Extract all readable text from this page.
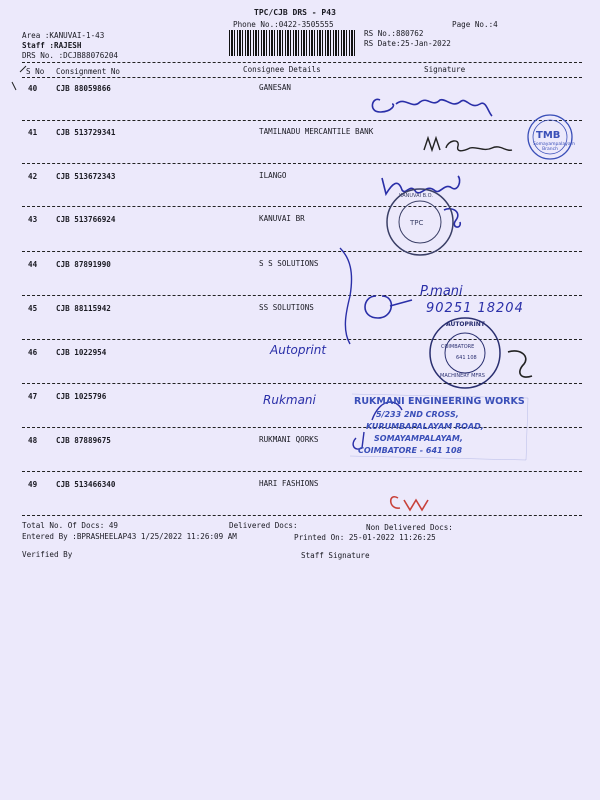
TPC/CJB DRS - P43
Phone No.:0422-3505555	Page No.:4
Area :KANUVAI-1-43
Staff :RAJESH
DRS No. :DCJB88076204
RS No.:880762
RS Date:25-Jan-2022
S No Consignment No	Consignee Details	Signature
40 CJB 88059866	GANESAN
41 CJB 513729341	TAMILNADU MERCANTILE BANK
42 CJB 513672343	ILANGO
43 CJB 513766924	KANUVAI BR
44 CJB 87891990	S S SOLUTIONS
45 CJB 88115942	SS SOLUTIONS
46 CJB 1022954
47 CJB 1025796
48 CJB 87889675	RUKMANI QORKS
49 CJB 513466340	HARI FASHIONS
Total No. Of Docs: 49	Delivered Docs:	Non Delivered Docs:
Entered By :BPRASHEELAP43 1/25/2022 11:26:09 AM	Printed On: 25-01-2022 11:26:25
Verified By	Staff Signature
TMB
Somayampalayam Branch
KANUVAI B.O.
TPC
P.mani
90251 18204
AUTOPRINT
COIMBATORE
MACHINERY MFRS
641 108
Autoprint
Rukmani	RUKMANI ENGINEERING WORKS
5/233 2ND CROSS,
KURUMBAPALAYAM ROAD,
SOMAYAMPALAYAM,
COIMBATORE - 641 108
